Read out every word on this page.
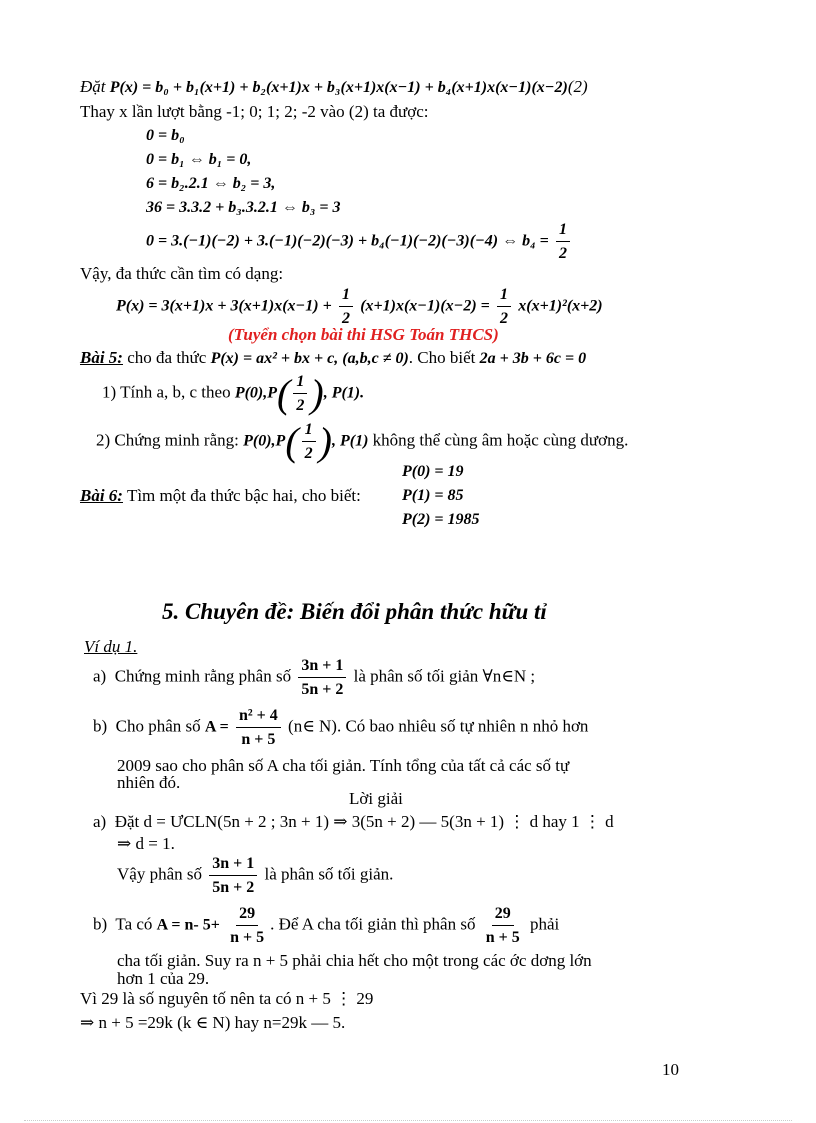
Đặt P(x) = b₀ + b₁(x+1) + b₂(x+1)x + b₃(x+1)x(x−1) + b₄(x+1)x(x−1)(x−2)(2)
Thay x lần lượt bằng -1; 0; 1; 2; -2 vào (2) ta được:
0 = b₀
0 = b₁ ⇔ b₁ = 0,
6 = b₂.2.1 ⇔ b₂ = 3,
36 = 3.3.2 + b₃.3.2.1 ⇔ b₃ = 3
0 = 3.(−1)(−2) + 3.(−1)(−2)(−3) + b₄(−1)(−2)(−3)(−4) ⇔ $b_4 = \frac{1}{2}$
Vậy, đa thức cần tìm có dạng:
$P(x) = 3(x+1)x + 3(x+1)x(x-1) + \frac{1}{2} (x+1)x(x-1)(x-2) = \frac{1}{2} x(x+1)^2(x+2)$
(Tuyển chọn bài thi HSG Toán THCS)
Bài 5: cho đa thức P(x) = ax² + bx + c, (a,b,c ≠ 0). Cho biết 2a + 3b + 6c = 0
1) Tính a, b, c theo P(0),P ( $\frac{1}{2}$ ) , P(1).
2) Chứng minh rằng: P(0),P ( $\frac{1}{2}$ ) , P(1) không thể cùng âm hoặc cùng dương.
P(0) = 19
Bài 6: Tìm một đa thức bậc hai, cho biết:	P(1) = 85
P(2) = 1985
5. Chuyên đề: Biến đổi phân thức hữu tỉ
Ví dụ 1.
a) Chứng minh rằng phân số $\frac{3n + 1}{5n + 2}$ là phân số tối giản ∀n∈N ;
b) Cho phân số $A = \frac{\text{n² + 4}}{n + 5}$ (n∈ N). Có bao nhiêu số tự nhiên n nhỏ hơn
2009 sao cho phân số A cha tối giản. Tính tổng của tất cả các số tự
nhiên đó.
Lời giải
a) Đặt d = ƯCLN(5n + 2 ; 3n + 1) ⇒ 3(5n + 2) — 5(3n + 1) ⋮ d hay 1 ⋮ d
⇒ d = 1.
Vậy phân số $\frac{3n + 1}{5n + 2}$ là phân số tối giản.
b) Ta có A = n- $5+ \frac{29}{n + 5}$ . Để A cha tối giản thì phân số $\frac{29}{n + 5}$ phải
cha tối giản. Suy ra n + 5 phải chia hết cho một trong các ớc dơng lớn
hơn 1 của 29.
Vì 29 là số nguyên tố nên ta có n + 5 ⋮ 29
⇒ n + 5 =29k (k ∈ N) hay n=29k — 5.
10
